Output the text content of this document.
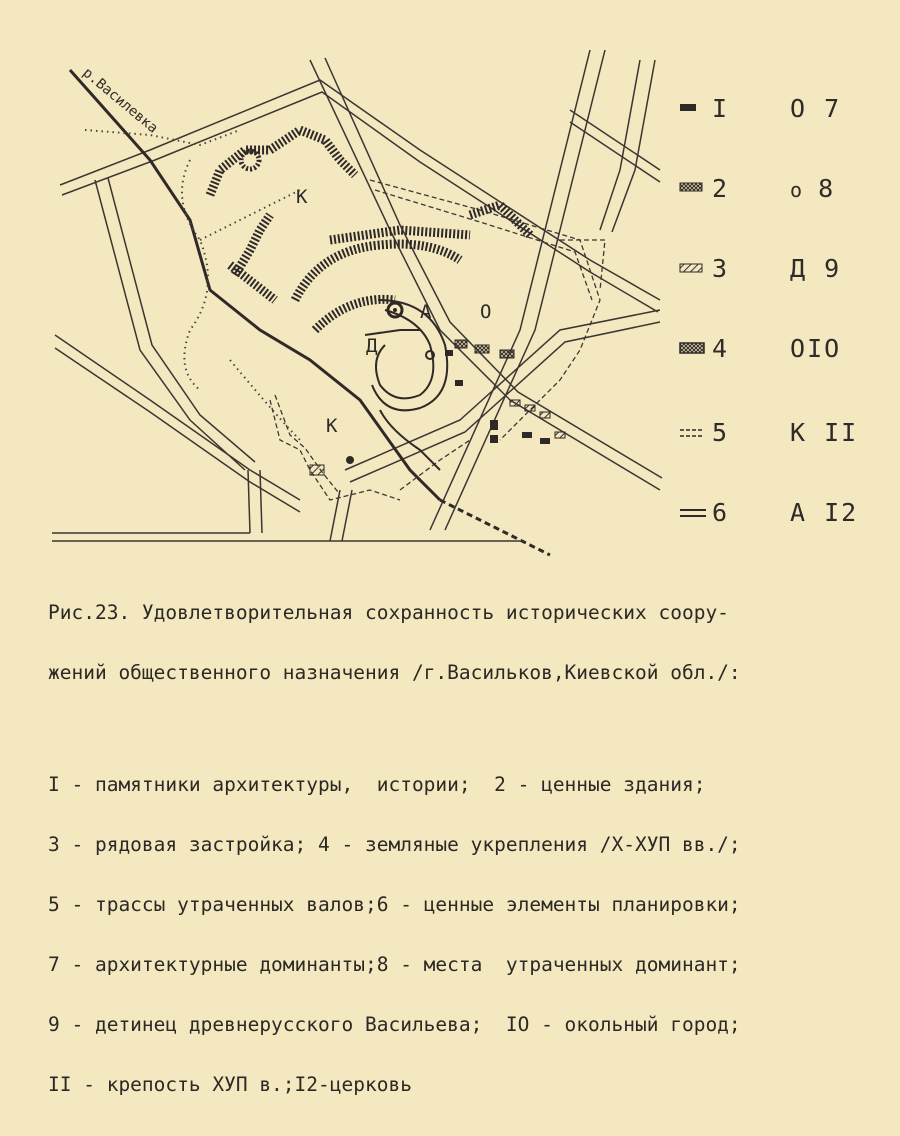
р.Василевка
К
К
Д
А	О
I
2
3
4
5
6
О 7
о 8
Д 9
ОIO
К II
А I2

Рис.23. Удовлетворительная сохранность исторических соору-

жений общественного назначения /г.Васильков,Киевской обл./:

I - памятники архитектуры,  истории;  2 - ценные здания;

3 - рядовая застройка; 4 - земляные укрепления /Х-ХУП вв./;

5 - трассы утраченных валов;6 - ценные элементы планировки;

7 - архитектурные доминанты;8 - места  утраченных доминант;

9 - детинец древнерусского Васильева;  IO - окольный город;

II - крепость ХУП в.;I2-церковь
